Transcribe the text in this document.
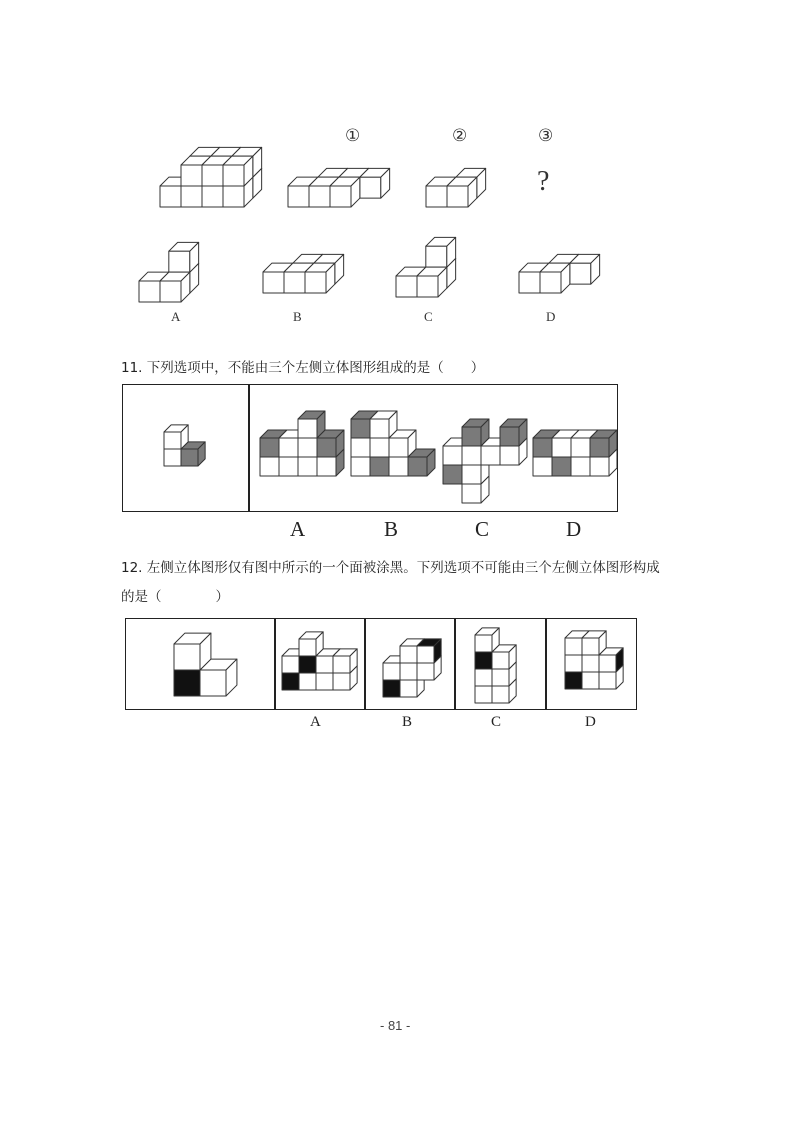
①	②	③
?
A	B	C	D
11. 下列选项中，不能由三个左侧立体图形组成的是（　　）
A	B	C	D
12. 左侧立体图形仅有图中所示的一个面被涂黑。下列选项不可能由三个左侧立体图形构成
的是（　　　　）
A	B	C	D
- 81 -
